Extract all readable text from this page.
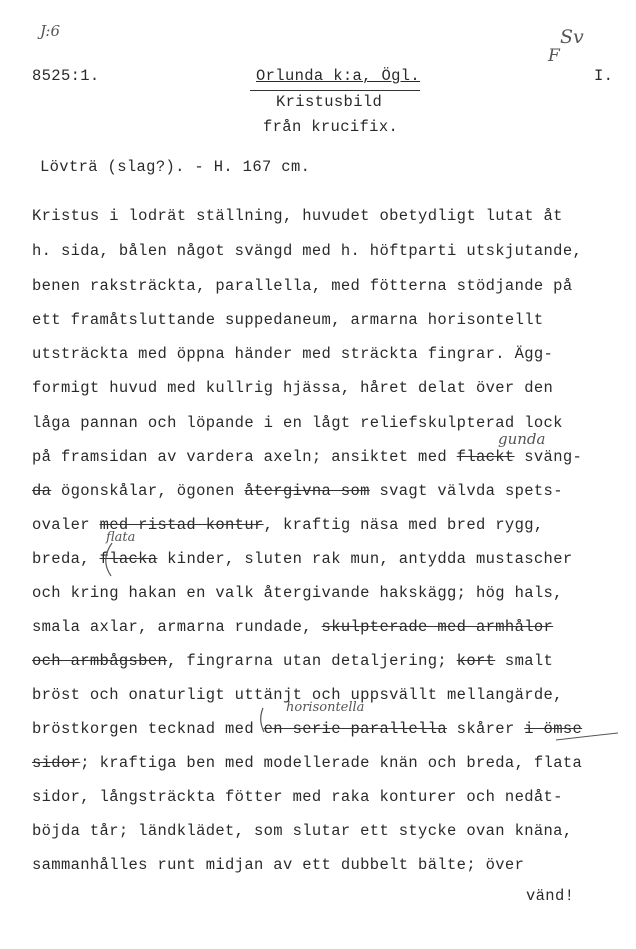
J:6	Sv
F
8525:1.	Orlunda k:a, Ögl.	I.
Kristusbild
från krucifix.
Lövträ (slag?). - H. 167 cm.
Kristus i lodrät ställning, huvudet obetydligt lutat åt
h. sida, bålen något svängd med h. höftparti utskjutande,
benen raksträckta, parallella, med fötterna stödjande på
ett framåtsluttande suppedaneum, armarna horisontellt
utsträckta med öppna händer med sträckta fingrar. Ägg-
formigt huvud med kullrig hjässa, håret delat över den
låga pannan och löpande i en lågt reliefskulpterad lock
på framsidan av vardera axeln; ansiktet med flackt sväng-
da ögonskålar, ögonen återgivna som svagt välvda spets-
ovaler med ristad kontur, kraftig näsa med bred rygg,
breda, flacka kinder, sluten rak mun, antydda mustascher
och kring hakan en valk återgivande hakskägg; hög hals,
smala axlar, armarna rundade, skulpterade med armhålor
och armbågsben, fingrarna utan detaljering; kort smalt
bröst och onaturligt uttänjt och uppsvällt mellangärde,
bröstkorgen tecknad med en serie parallella skårer i ömse
sidor; kraftiga ben med modellerade knän och breda, flata
sidor, långsträckta fötter med raka konturer och nedåt-
böjda tår; ländklädet, som slutar ett stycke ovan knäna,
sammanhålles runt midjan av ett dubbelt bälte; över
vänd!
gunda
flata
horisontella
